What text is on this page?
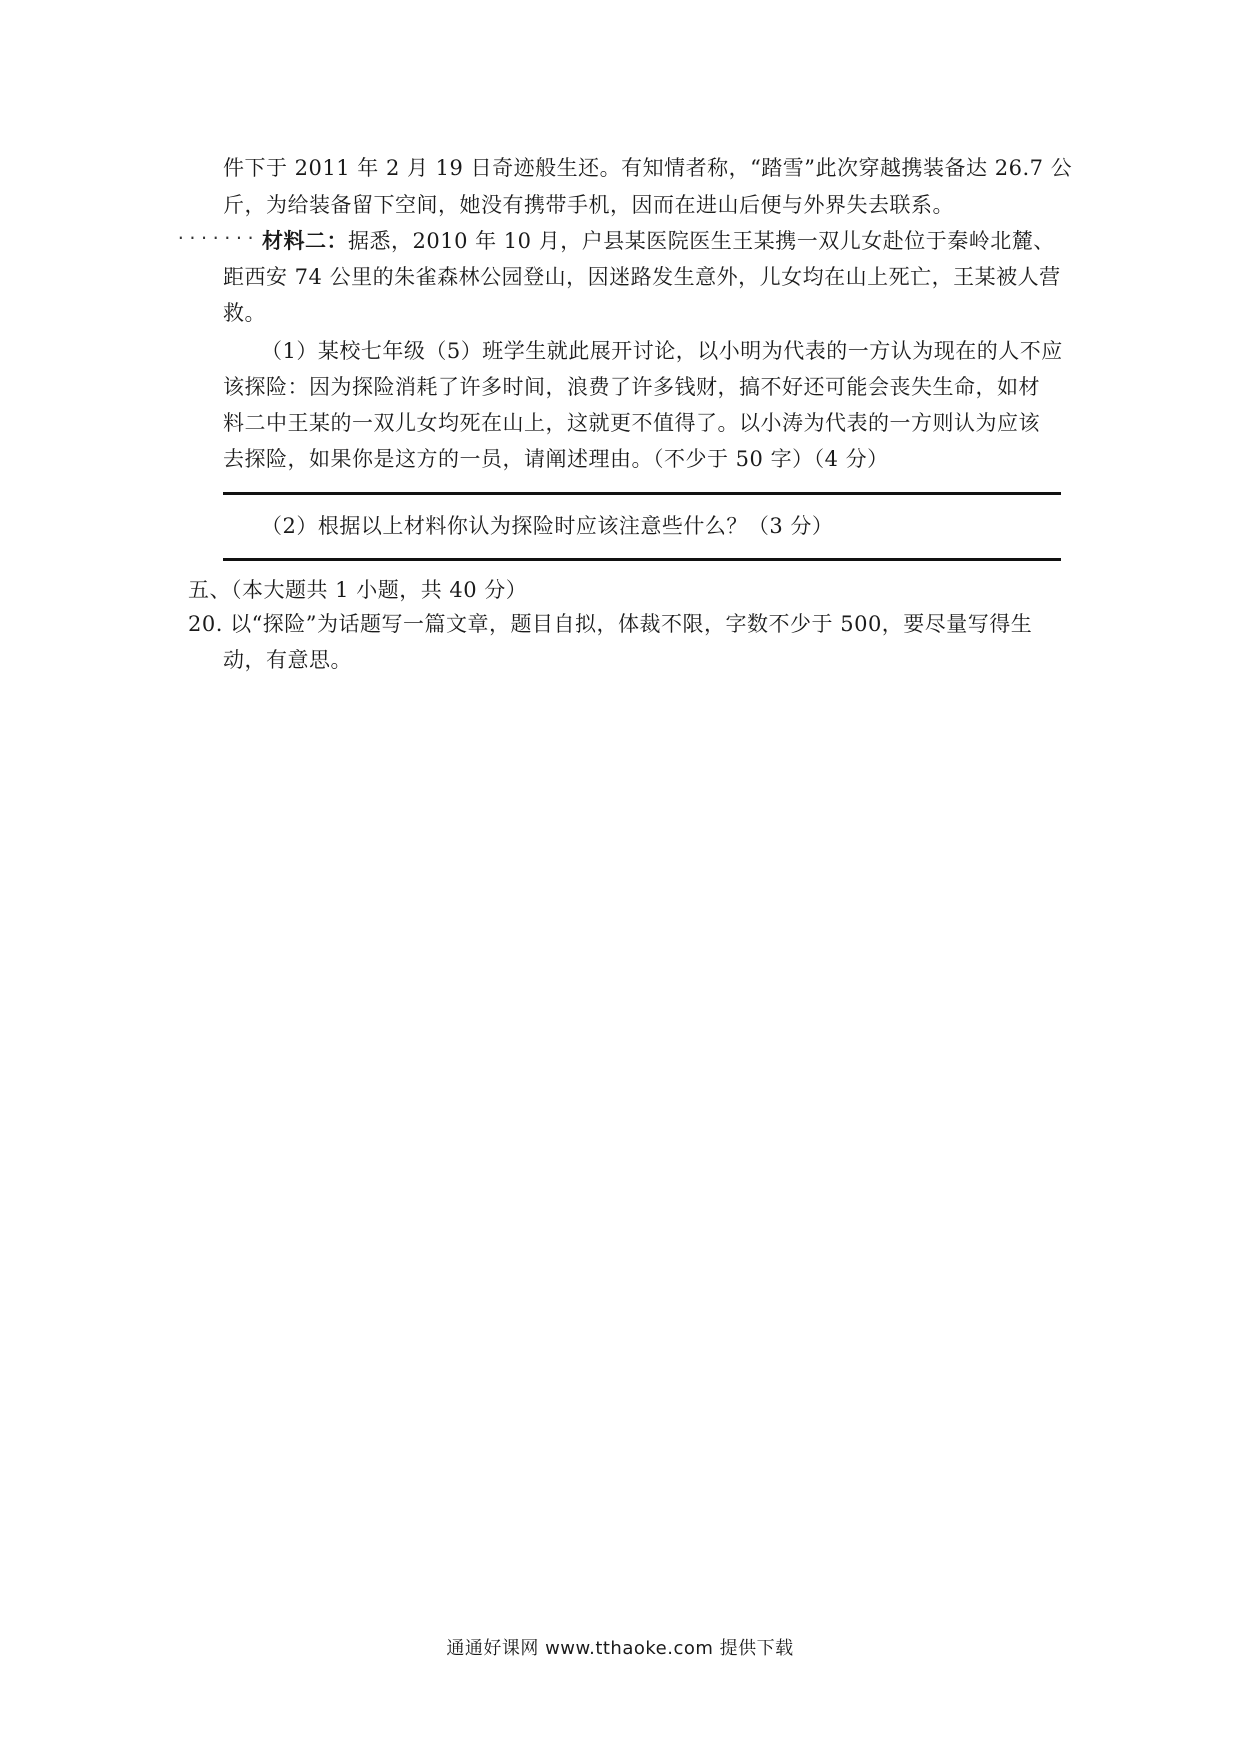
件下于 2011 年 2 月 19 日奇迹般生还。有知情者称，“踏雪”此次穿越携装备达 26.7 公
斤，为给装备留下空间，她没有携带手机，因而在进山后便与外界失去联系。
....... 材料二：据悉，2010 年 10 月，户县某医院医生王某携一双儿女赴位于秦岭北麓、
距西安 74 公里的朱雀森林公园登山，因迷路发生意外，儿女均在山上死亡，王某被人营
救。
（1）某校七年级（5）班学生就此展开讨论，以小明为代表的一方认为现在的人不应
该探险：因为探险消耗了许多时间，浪费了许多钱财，搞不好还可能会丧失生命，如材
料二中王某的一双儿女均死在山上，这就更不值得了。以小涛为代表的一方则认为应该
去探险，如果你是这方的一员，请阐述理由。（不少于 50 字）（4 分）
（2）根据以上材料你认为探险时应该注意些什么？（3 分）
五、（本大题共 1 小题，共 40 分）
20. 以“探险”为话题写一篇文章，题目自拟，体裁不限，字数不少于 500，要尽量写得生
动，有意思。
通通好课网 www.tthaoke.com 提供下载
